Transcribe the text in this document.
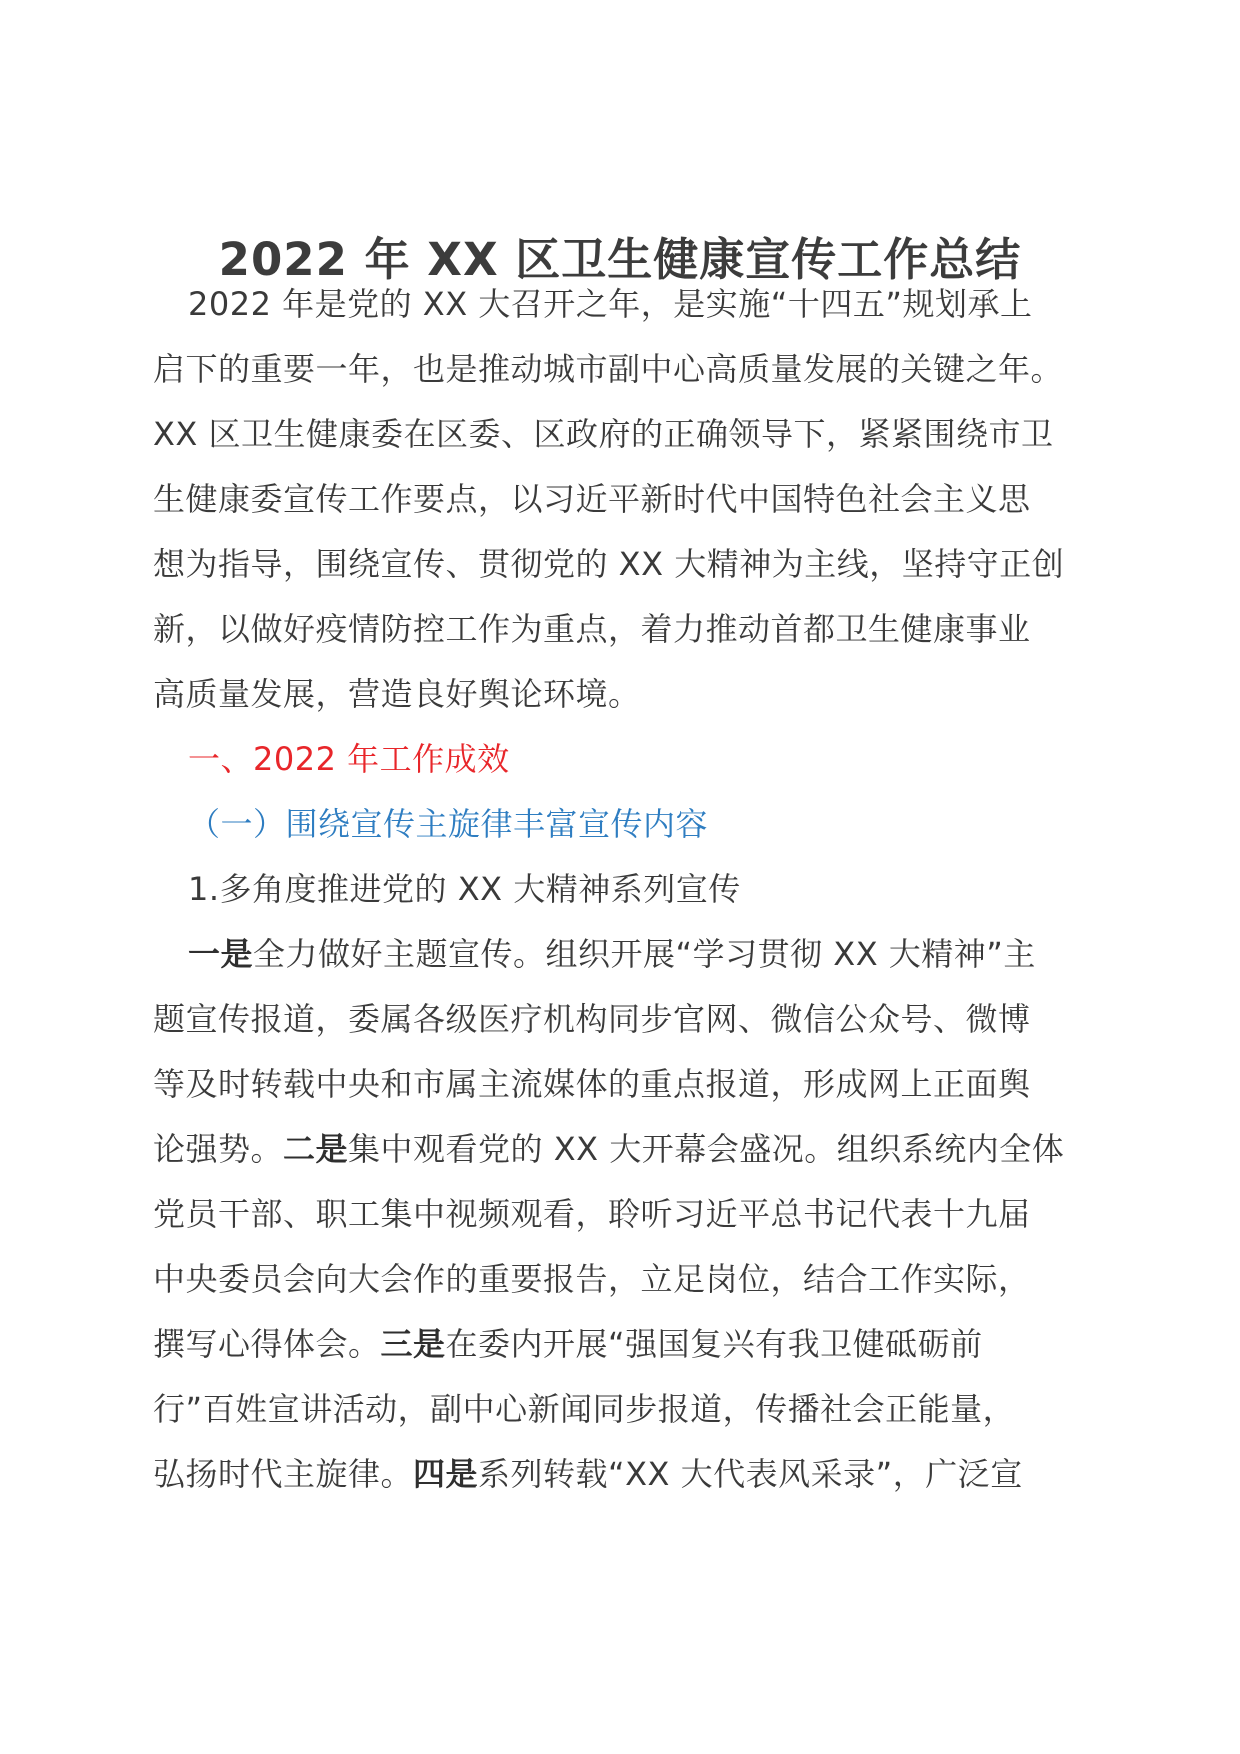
2022 年 XX 区卫生健康宣传工作总结
2022 年是党的 XX 大召开之年，是实施“十四五”规划承上
启下的重要一年，也是推动城市副中心高质量发展的关键之年。
XX 区卫生健康委在区委、区政府的正确领导下，紧紧围绕市卫
生健康委宣传工作要点，以习近平新时代中国特色社会主义思
想为指导，围绕宣传、贯彻党的 XX 大精神为主线，坚持守正创
新，以做好疫情防控工作为重点，着力推动首都卫生健康事业
高质量发展，营造良好舆论环境。
一、2022 年工作成效
（一）围绕宣传主旋律丰富宣传内容
1.多角度推进党的 XX 大精神系列宣传
一是全力做好主题宣传。组织开展“学习贯彻 XX 大精神”主
题宣传报道，委属各级医疗机构同步官网、微信公众号、微博
等及时转载中央和市属主流媒体的重点报道，形成网上正面舆
论强势。二是集中观看党的 XX 大开幕会盛况。组织系统内全体
党员干部、职工集中视频观看，聆听习近平总书记代表十九届
中央委员会向大会作的重要报告，立足岗位，结合工作实际，
撰写心得体会。三是在委内开展“强国复兴有我卫健砥砺前
行”百姓宣讲活动，副中心新闻同步报道，传播社会正能量，
弘扬时代主旋律。四是系列转载“XX 大代表风采录”，广泛宣
